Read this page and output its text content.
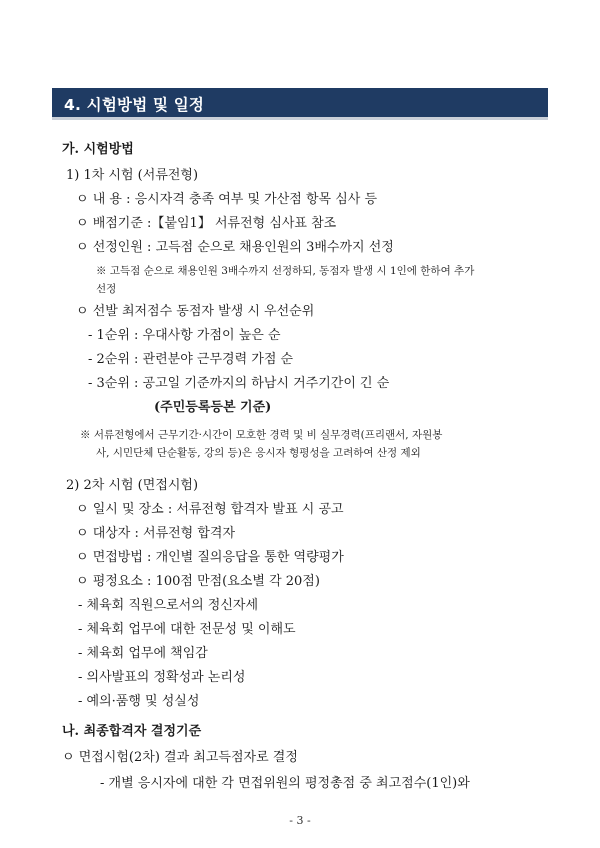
4. 시험방법 및 일정
가. 시험방법
1) 1차 시험 (서류전형)
ㅇ 내 용 : 응시자격 충족 여부 및 가산점 항목 심사 등
ㅇ 배점기준 :【붙임1】 서류전형 심사표 참조
ㅇ 선정인원 : 고득점 순으로 채용인원의 3배수까지 선정
※ 고득점 순으로 채용인원 3배수까지 선정하되, 동점자 발생 시 1인에 한하여 추가
선정
ㅇ 선발 최저점수 동점자 발생 시 우선순위
- 1순위 : 우대사항 가점이 높은 순
- 2순위 : 관련분야 근무경력 가점 순
- 3순위 : 공고일 기준까지의 하남시 거주기간이 긴 순
(주민등록등본 기준)
※ 서류전형에서 근무기간·시간이 모호한 경력 및 비 실무경력(프리랜서, 자원봉
사, 시민단체 단순활동, 강의 등)은 응시자 형평성을 고려하여 산정 제외
2) 2차 시험 (면접시험)
ㅇ 일시 및 장소 : 서류전형 합격자 발표 시 공고
ㅇ 대상자 : 서류전형 합격자
ㅇ 면접방법 : 개인별 질의응답을 통한 역량평가
ㅇ 평정요소 : 100점 만점(요소별 각 20점)
- 체육회 직원으로서의 정신자세
- 체육회 업무에 대한 전문성 및 이해도
- 체육회 업무에 책임감
- 의사발표의 정확성과 논리성
- 예의·품행 및 성실성
나. 최종합격자 결정기준
ㅇ 면접시험(2차) 결과 최고득점자로 결정
- 개별 응시자에 대한 각 면접위원의 평정총점 중 최고점수(1인)와
- 3 -
